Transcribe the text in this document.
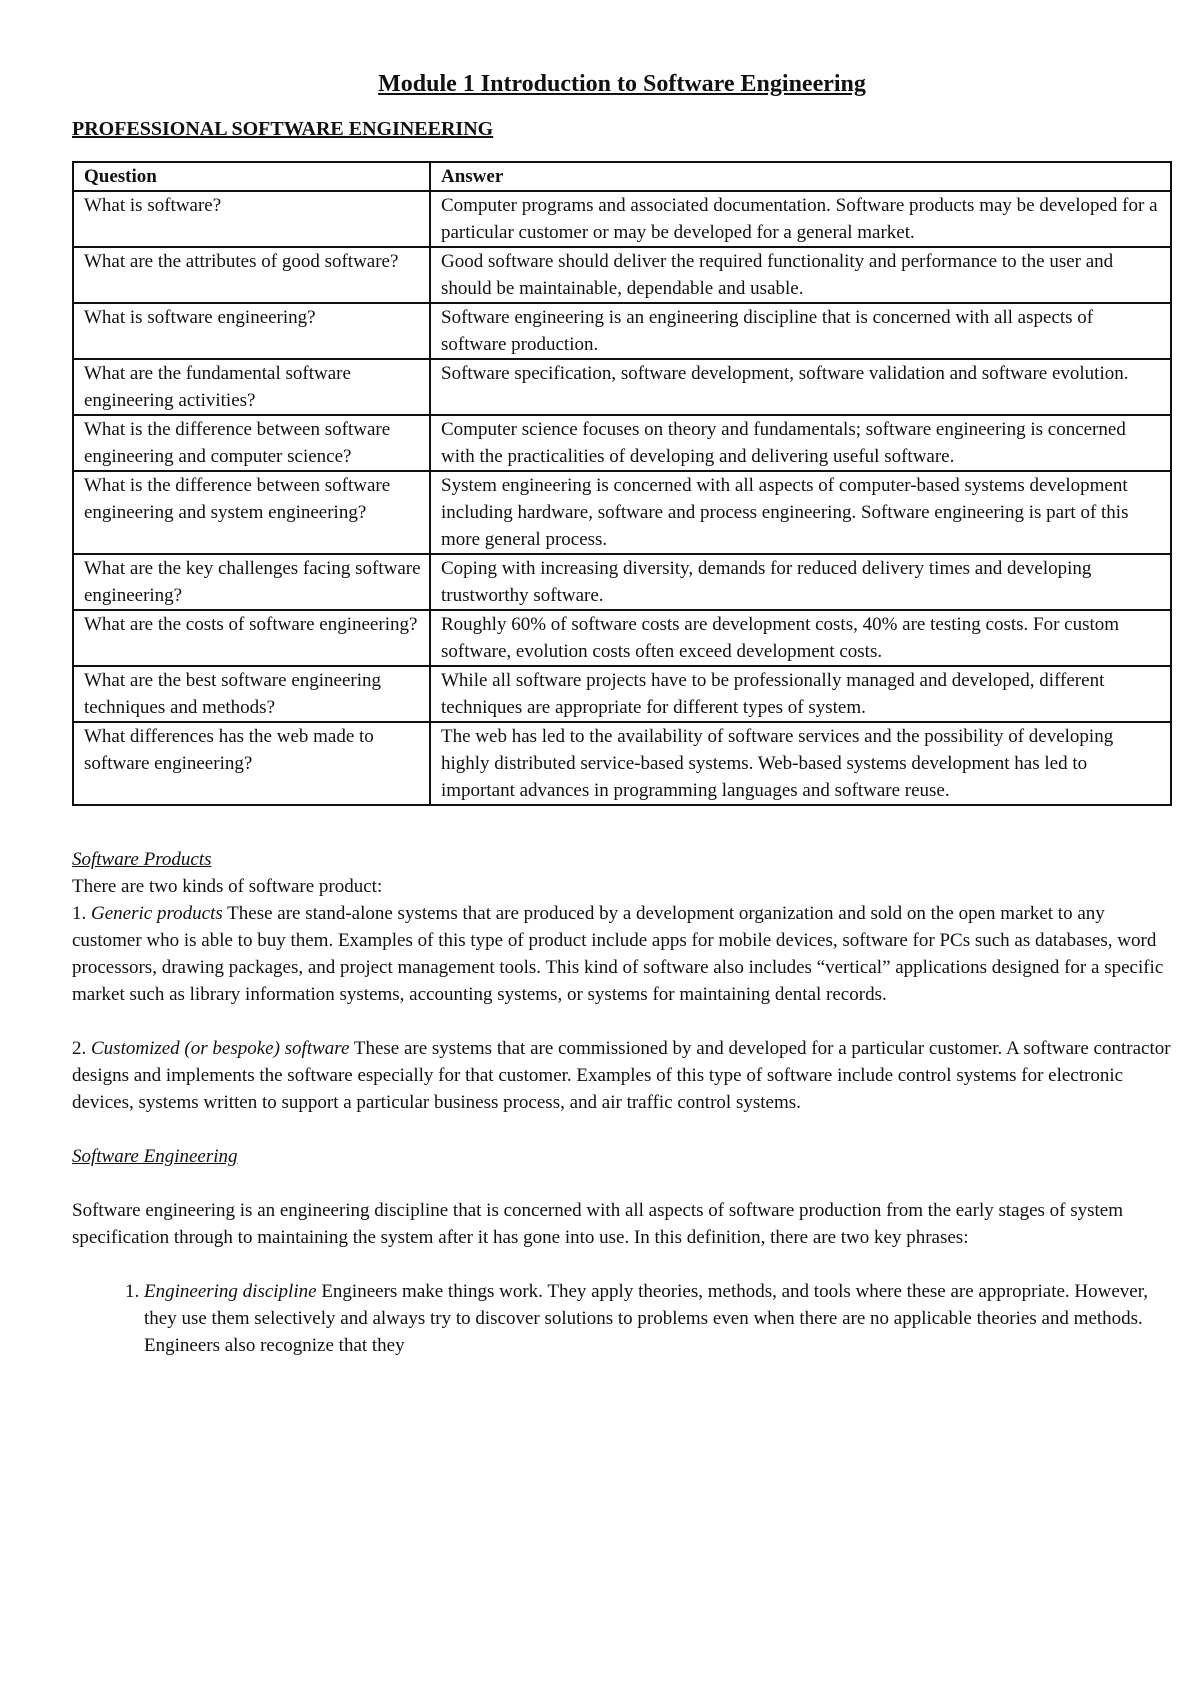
Module 1 Introduction to Software Engineering
PROFESSIONAL SOFTWARE ENGINEERING
Question	Answer
What is software?	Computer programs and associated documentation. Software products may be developed for a particular customer or may be developed for a general market.
What are the attributes of good software?	Good software should deliver the required functionality and performance to the user and should be maintainable, dependable and usable.
What is software engineering?	Software engineering is an engineering discipline that is concerned with all aspects of software production.
What are the fundamental software engineering activities?	Software specification, software development, software validation and software evolution.
What is the difference between software engineering and computer science?	Computer science focuses on theory and fundamentals; software engineering is concerned with the practicalities of developing and delivering useful software.
What is the difference between software engineering and system engineering?	System engineering is concerned with all aspects of computer-based systems development including hardware, software and process engineering. Software engineering is part of this more general process.
What are the key challenges facing software engineering?	Coping with increasing diversity, demands for reduced delivery times and developing trustworthy software.
What are the costs of software engineering?	Roughly 60% of software costs are development costs, 40% are testing costs. For custom software, evolution costs often exceed development costs.
What are the best software engineering techniques and methods?	While all software projects have to be professionally managed and developed, different techniques are appropriate for different types of system.
What differences has the web made to software engineering?	The web has led to the availability of software services and the possibility of developing highly distributed service-based systems. Web-based systems development has led to important advances in programming languages and software reuse.
Software Products
There are two kinds of software product:
1. Generic products These are stand-alone systems that are produced by a development organization and sold on the open market to any customer who is able to buy them. Examples of this type of product include apps for mobile devices, software for PCs such as databases, word processors, drawing packages, and project management tools. This kind of software also includes “vertical” applications designed for a specific market such as library information systems, accounting systems, or systems for maintaining dental records.
2. Customized (or bespoke) software These are systems that are commissioned by and developed for a particular customer. A software contractor designs and implements the software especially for that customer. Examples of this type of software include control systems for electronic devices, systems written to support a particular business process, and air traffic control systems.
Software Engineering
Software engineering is an engineering discipline that is concerned with all aspects of software production from the early stages of system specification through to maintaining the system after it has gone into use. In this definition, there are two key phrases:
1. Engineering discipline Engineers make things work. They apply theories, methods, and tools where these are appropriate. However, they use them selectively and always try to discover solutions to problems even when there are no applicable theories and methods. Engineers also recognize that they
